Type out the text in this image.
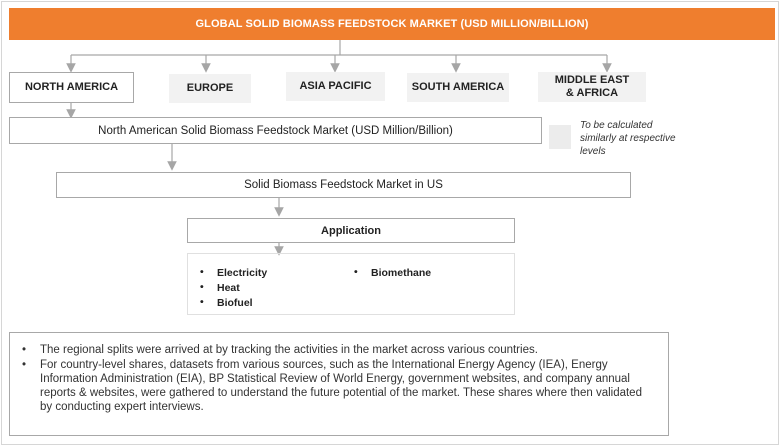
GLOBAL SOLID BIOMASS FEEDSTOCK MARKET (USD MILLION/BILLION)
NORTH AMERICA	EUROPE	ASIA PACIFIC	SOUTH AMERICA
MIDDLE EAST & AFRICA
North American Solid Biomass Feedstock Market (USD Million/Billion)	To be calculated similarly at respective levels
Solid Biomass Feedstock Market in US
Application
• Electricity
• Heat
• Biofuel
• Biomethane
• The regional splits were arrived at by tracking the activities in the market across various countries.
• For country-level shares, datasets from various sources, such as the International Energy Agency (IEA), Energy Information Administration (EIA), BP Statistical Review of World Energy, government websites, and company annual reports & websites, were gathered to understand the future potential of the market. These shares where then validated by conducting expert interviews.
